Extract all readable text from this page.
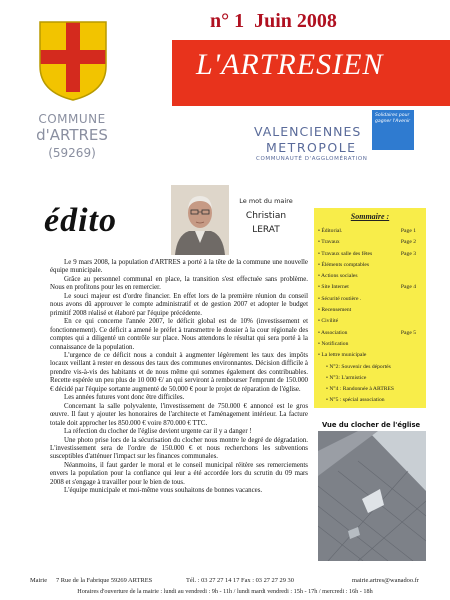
COMMUNE
d'ARTRES
(59269)
n° 1 Juin 2008
L'ARTRESIEN
VALENCIENNES
METROPOLE
COMMUNAUTÉ D'AGGLOMÉRATION
Solidaires pour gagner l'Avenir
Le mot du maire
Christian
LERAT
édito	Sommaire :
• Éditorial.	Page 1
• Travaux	Page 2
• Travaux salle des fêtes	Page 3
• Éléments comptables
• Actions sociales
• Site Internet	Page 4
• Sécurité routière .
• Recensement
• Civilité
• Association	Page 5
• Notification
• La lettre municipale
• N°2: Souvenir des déportés
• N°3: L'armistice
• N°4 : Randonnée à ARTRES
• N°5 : spécial association

Le 9 mars 2008, la population d'ARTRES a porté à la tête de la commune une nouvelle équipe municipale.

Grâce au personnel communal en place, la transition s'est effectuée sans problème. Nous en profitons pour les en remercier.

Le souci majeur est d'ordre financier. En effet lors de la première réunion du conseil nous avons dû approuver le compte administratif et de gestion 2007 et adopter le budget primitif 2008 réalisé et élaboré par l'équipe précédente.

En ce qui concerne l'année 2007, le déficit global est de 10% (investissement et fonctionnement). Ce déficit a amené le préfet à transmettre le dossier à la cour régionale des comptes qui a diligenté un contrôle sur place. Nous attendons le résultat qui sera porté à la connaissance de la population.

L'urgence de ce déficit nous a conduit à augmenter légèrement les taux des impôts locaux veillant à rester en dessous des taux des communes environnantes. Décision difficile à prendre vis-à-vis des habitants et de nous même qui sommes également des contribuables. Recette espérée un peu plus de 10 000 €/ an qui serviront à rembourser l'emprunt de 150.000 € décidé par l'équipe sortante augmenté de 50.000 € pour le projet de réparation de l'église.

Les années futures vont donc être difficiles.

Concernant la salle polyvalente, l'investissement de 750.000 € annoncé est le gros œuvre. Il faut y ajouter les honoraires de l'architecte et l'aménagement intérieur. La facture totale doit approcher les 850.000 € voire 870.000 € TTC.

La réfection du clocher de l'église devient urgente car il y a danger !

Une photo prise lors de la sécurisation du clocher nous montre le degré de dégradation. L'investissement sera de l'ordre de 150.000 € et nous recherchons les subventions susceptibles d'atténuer l'impact sur les finances communales.

Néanmoins, il faut garder le moral et le conseil municipal réitère ses remerciements envers la population pour la confiance qui leur a été accordée lors du scrutin du 09 mars 2008 et s'engage à travailler pour le bien de tous.

L'équipe municipale et moi-même vous souhaitons de bonnes vacances.

Vue du clocher de l'église
Mairie 7 Rue de la Fabrique 59269 ARTRES	Tél. : 03 27 27 14 17 Fax : 03 27 27 29 30	mairie.artres@wanadoo.fr
Horaires d'ouverture de la mairie : lundi au vendredi : 9h - 11h / lundi mardi vendredi : 15h - 17h / mercredi : 16h - 18h
